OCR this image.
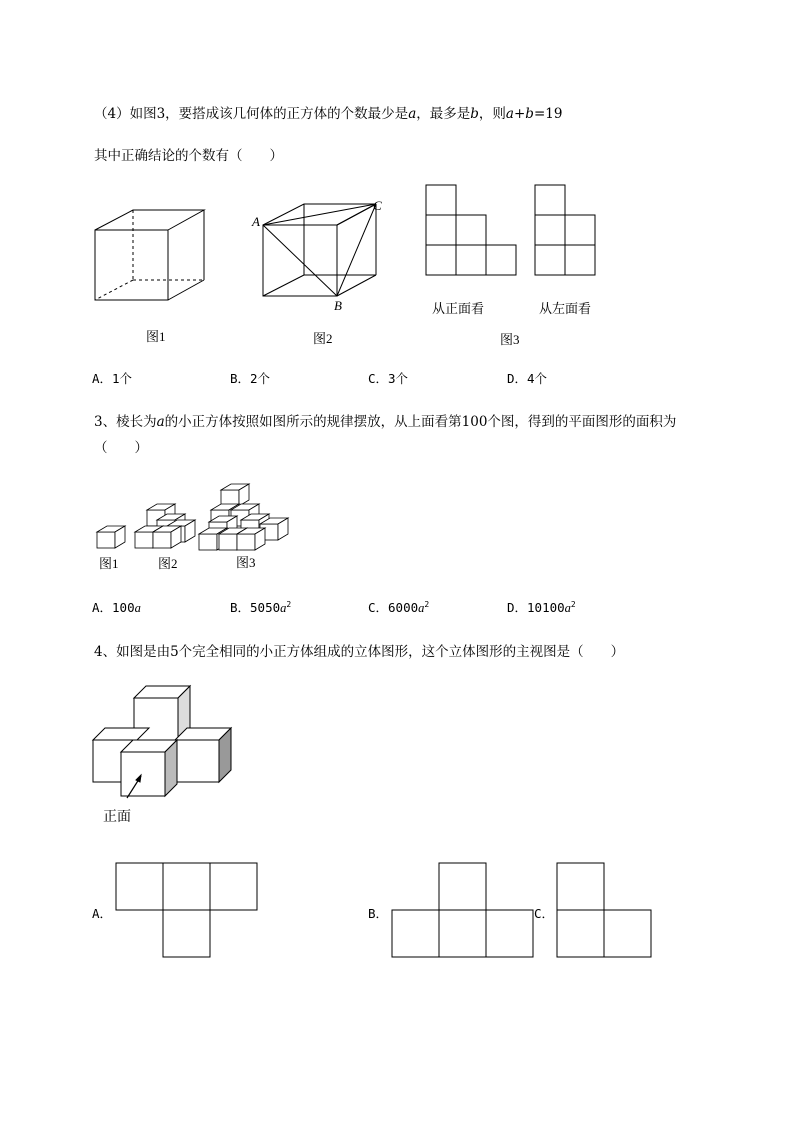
（4）如图3，要搭成该几何体的正方体的个数最少是a，最多是b，则a+b=19
其中正确结论的个数有（　　）
图1
A
B
C
图2
从正面看	从左面看
图3
A．1个	B．2个	C．3个	D．4个
3、棱长为a的小正方体按照如图所示的规律摆放，从上面看第100个图，得到的平面图形的面积为
（　　）
图1	图2	图3
A．100a	B．$5050a^2$	C．$6000a^2$	D．$10100a^2$
4、如图是由5个完全相同的小正方体组成的立体图形，这个立体图形的主视图是（　　）
正面
A．	B．	C．
